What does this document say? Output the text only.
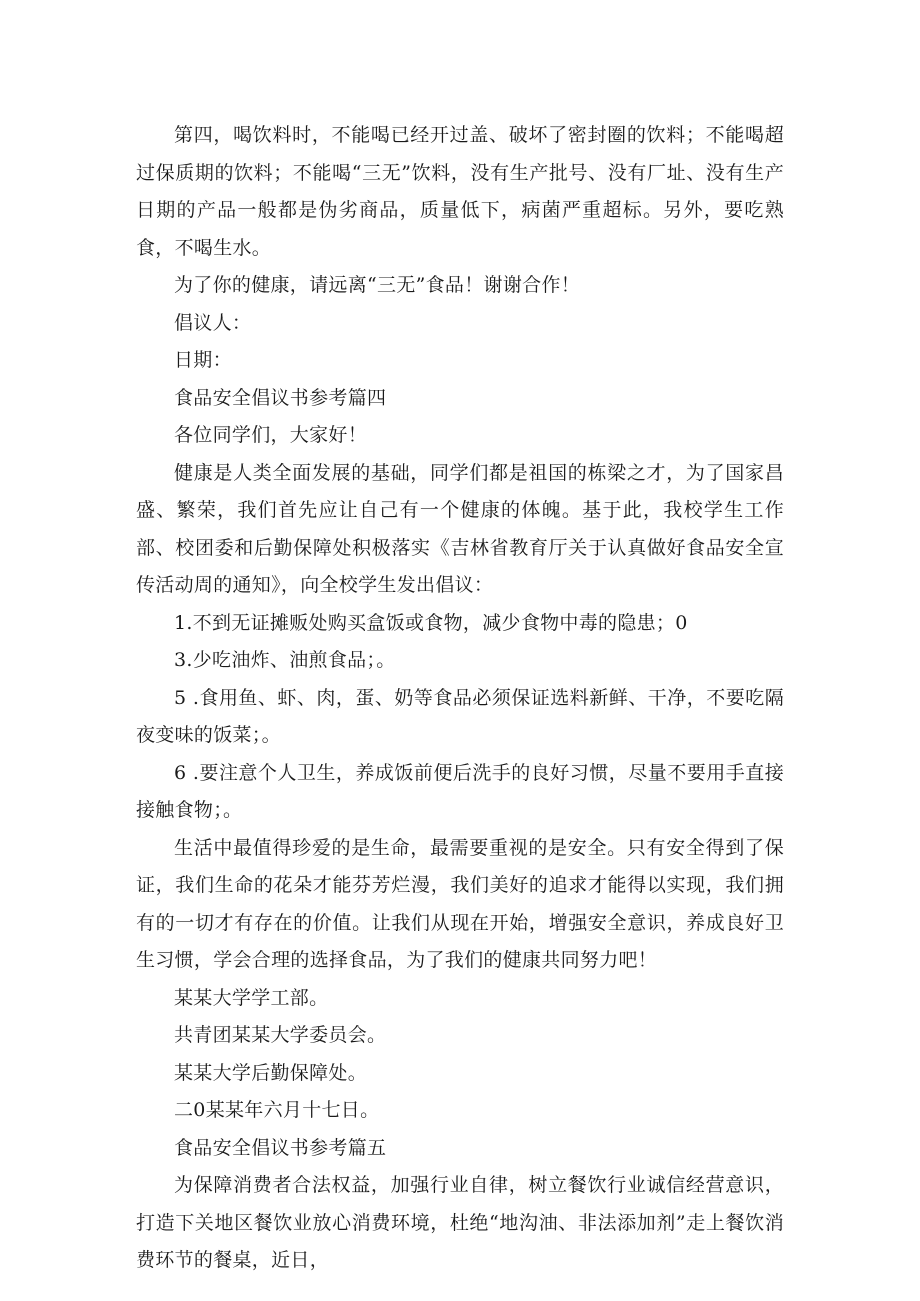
第四，喝饮料时，不能喝已经开过盖、破坏了密封圈的饮料；不能喝超过保质期的饮料；不能喝“三无”饮料，没有生产批号、没有厂址、没有生产日期的产品一般都是伪劣商品，质量低下，病菌严重超标。另外，要吃熟食，不喝生水。

为了你的健康，请远离“三无”食品！谢谢合作！

倡议人：

日期：

食品安全倡议书参考篇四

各位同学们，大家好！

健康是人类全面发展的基础，同学们都是祖国的栋梁之才，为了国家昌盛、繁荣，我们首先应让自己有一个健康的体魄。基于此，我校学生工作部、校团委和后勤保障处积极落实《吉林省教育厅关于认真做好食品安全宣传活动周的通知》，向全校学生发出倡议：

1.不到无证摊贩处购买盒饭或食物，减少食物中毒的隐患；0

3.少吃油炸、油煎食品；。

5 .食用鱼、虾、肉，蛋、奶等食品必须保证选料新鲜、干净，不要吃隔夜变味的饭菜；。

6 .要注意个人卫生，养成饭前便后洗手的良好习惯，尽量不要用手直接接触食物；。

生活中最值得珍爱的是生命，最需要重视的是安全。只有安全得到了保证，我们生命的花朵才能芬芳烂漫，我们美好的追求才能得以实现，我们拥有的一切才有存在的价值。让我们从现在开始，增强安全意识，养成良好卫生习惯，学会合理的选择食品，为了我们的健康共同努力吧！

某某大学学工部。

共青团某某大学委员会。

某某大学后勤保障处。

二0某某年六月十七日。

食品安全倡议书参考篇五

为保障消费者合法权益，加强行业自律，树立餐饮行业诚信经营意识，打造下关地区餐饮业放心消费环境，杜绝“地沟油、非法添加剂”走上餐饮消费环节的餐桌，近日，
